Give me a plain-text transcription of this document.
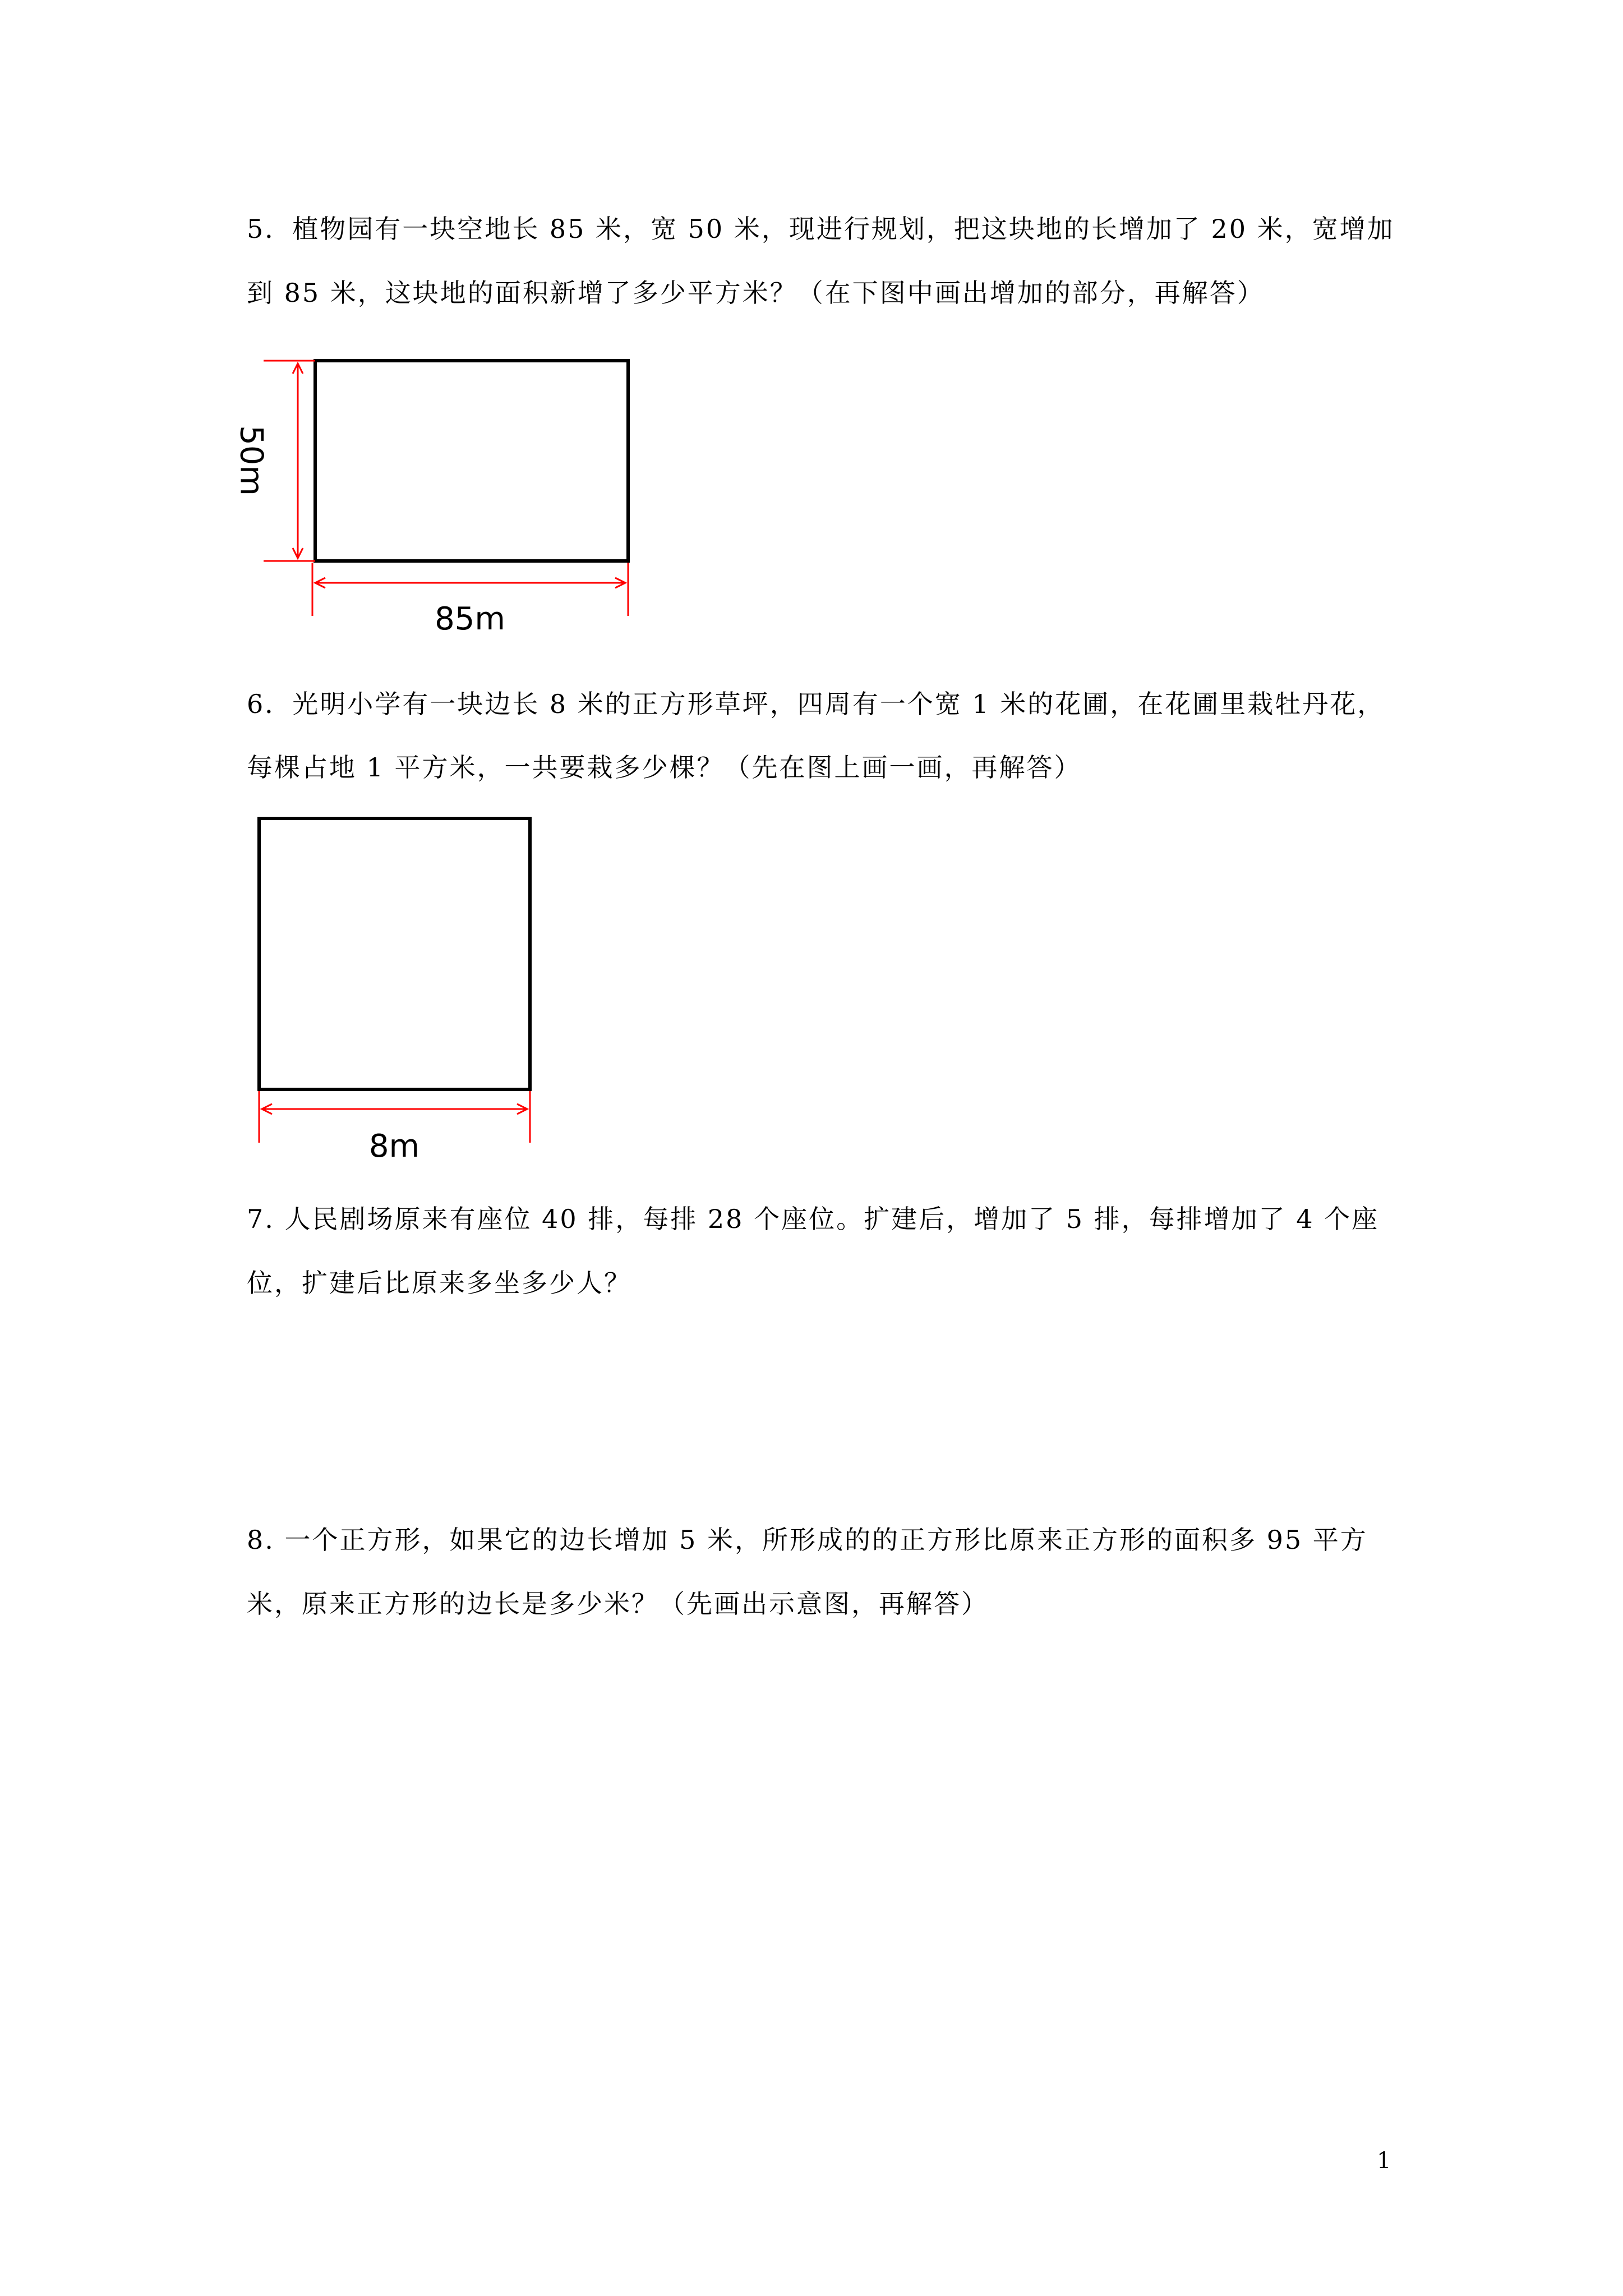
5．植物园有一块空地长 85 米，宽 50 米，现进行规划，把这块地的长增加了 20 米，宽增加
到 85 米，这块地的面积新增了多少平方米？（在下图中画出增加的部分，再解答）
50m
85m
8m
6．光明小学有一块边长 8 米的正方形草坪，四周有一个宽 1 米的花圃，在花圃里栽牡丹花，
每棵占地 1 平方米，一共要栽多少棵？（先在图上画一画，再解答）
7. 人民剧场原来有座位 40 排，每排 28 个座位。扩建后，增加了 5 排，每排增加了 4 个座
位，扩建后比原来多坐多少人？
8. 一个正方形，如果它的边长增加 5 米，所形成的的正方形比原来正方形的面积多 95 平方
米，原来正方形的边长是多少米？（先画出示意图，再解答）
1
